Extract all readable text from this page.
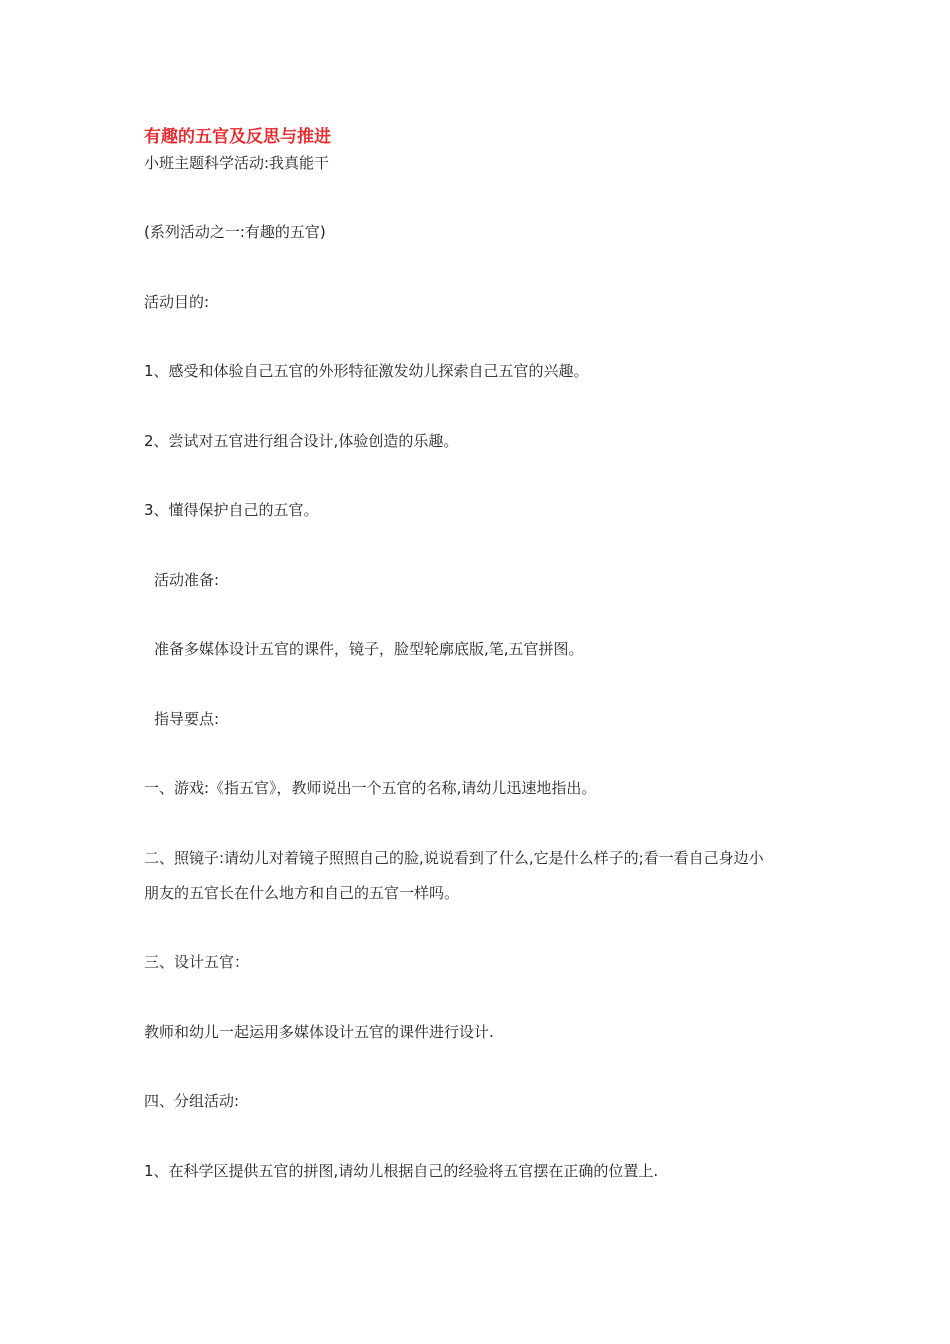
有趣的五官及反思与推进
小班主题科学活动:我真能干
(系列活动之一:有趣的五官)
活动目的:
1、感受和体验自己五官的外形特征激发幼儿探索自己五官的兴趣。
2、尝试对五官进行组合设计,体验创造的乐趣。
3、懂得保护自己的五官。
活动准备:
准备多媒体设计五官的课件，镜子，脸型轮廓底版,笔,五官拼图。
指导要点:
一、游戏:《指五官》，教师说出一个五官的名称,请幼儿迅速地指出。
二、照镜子:请幼儿对着镜子照照自己的脸,说说看到了什么,它是什么样子的;看一看自己身边小
朋友的五官长在什么地方和自己的五官一样吗。
三、设计五官：
教师和幼儿一起运用多媒体设计五官的课件进行设计.
四、分组活动:
1、在科学区提供五官的拼图,请幼儿根据自己的经验将五官摆在正确的位置上.
